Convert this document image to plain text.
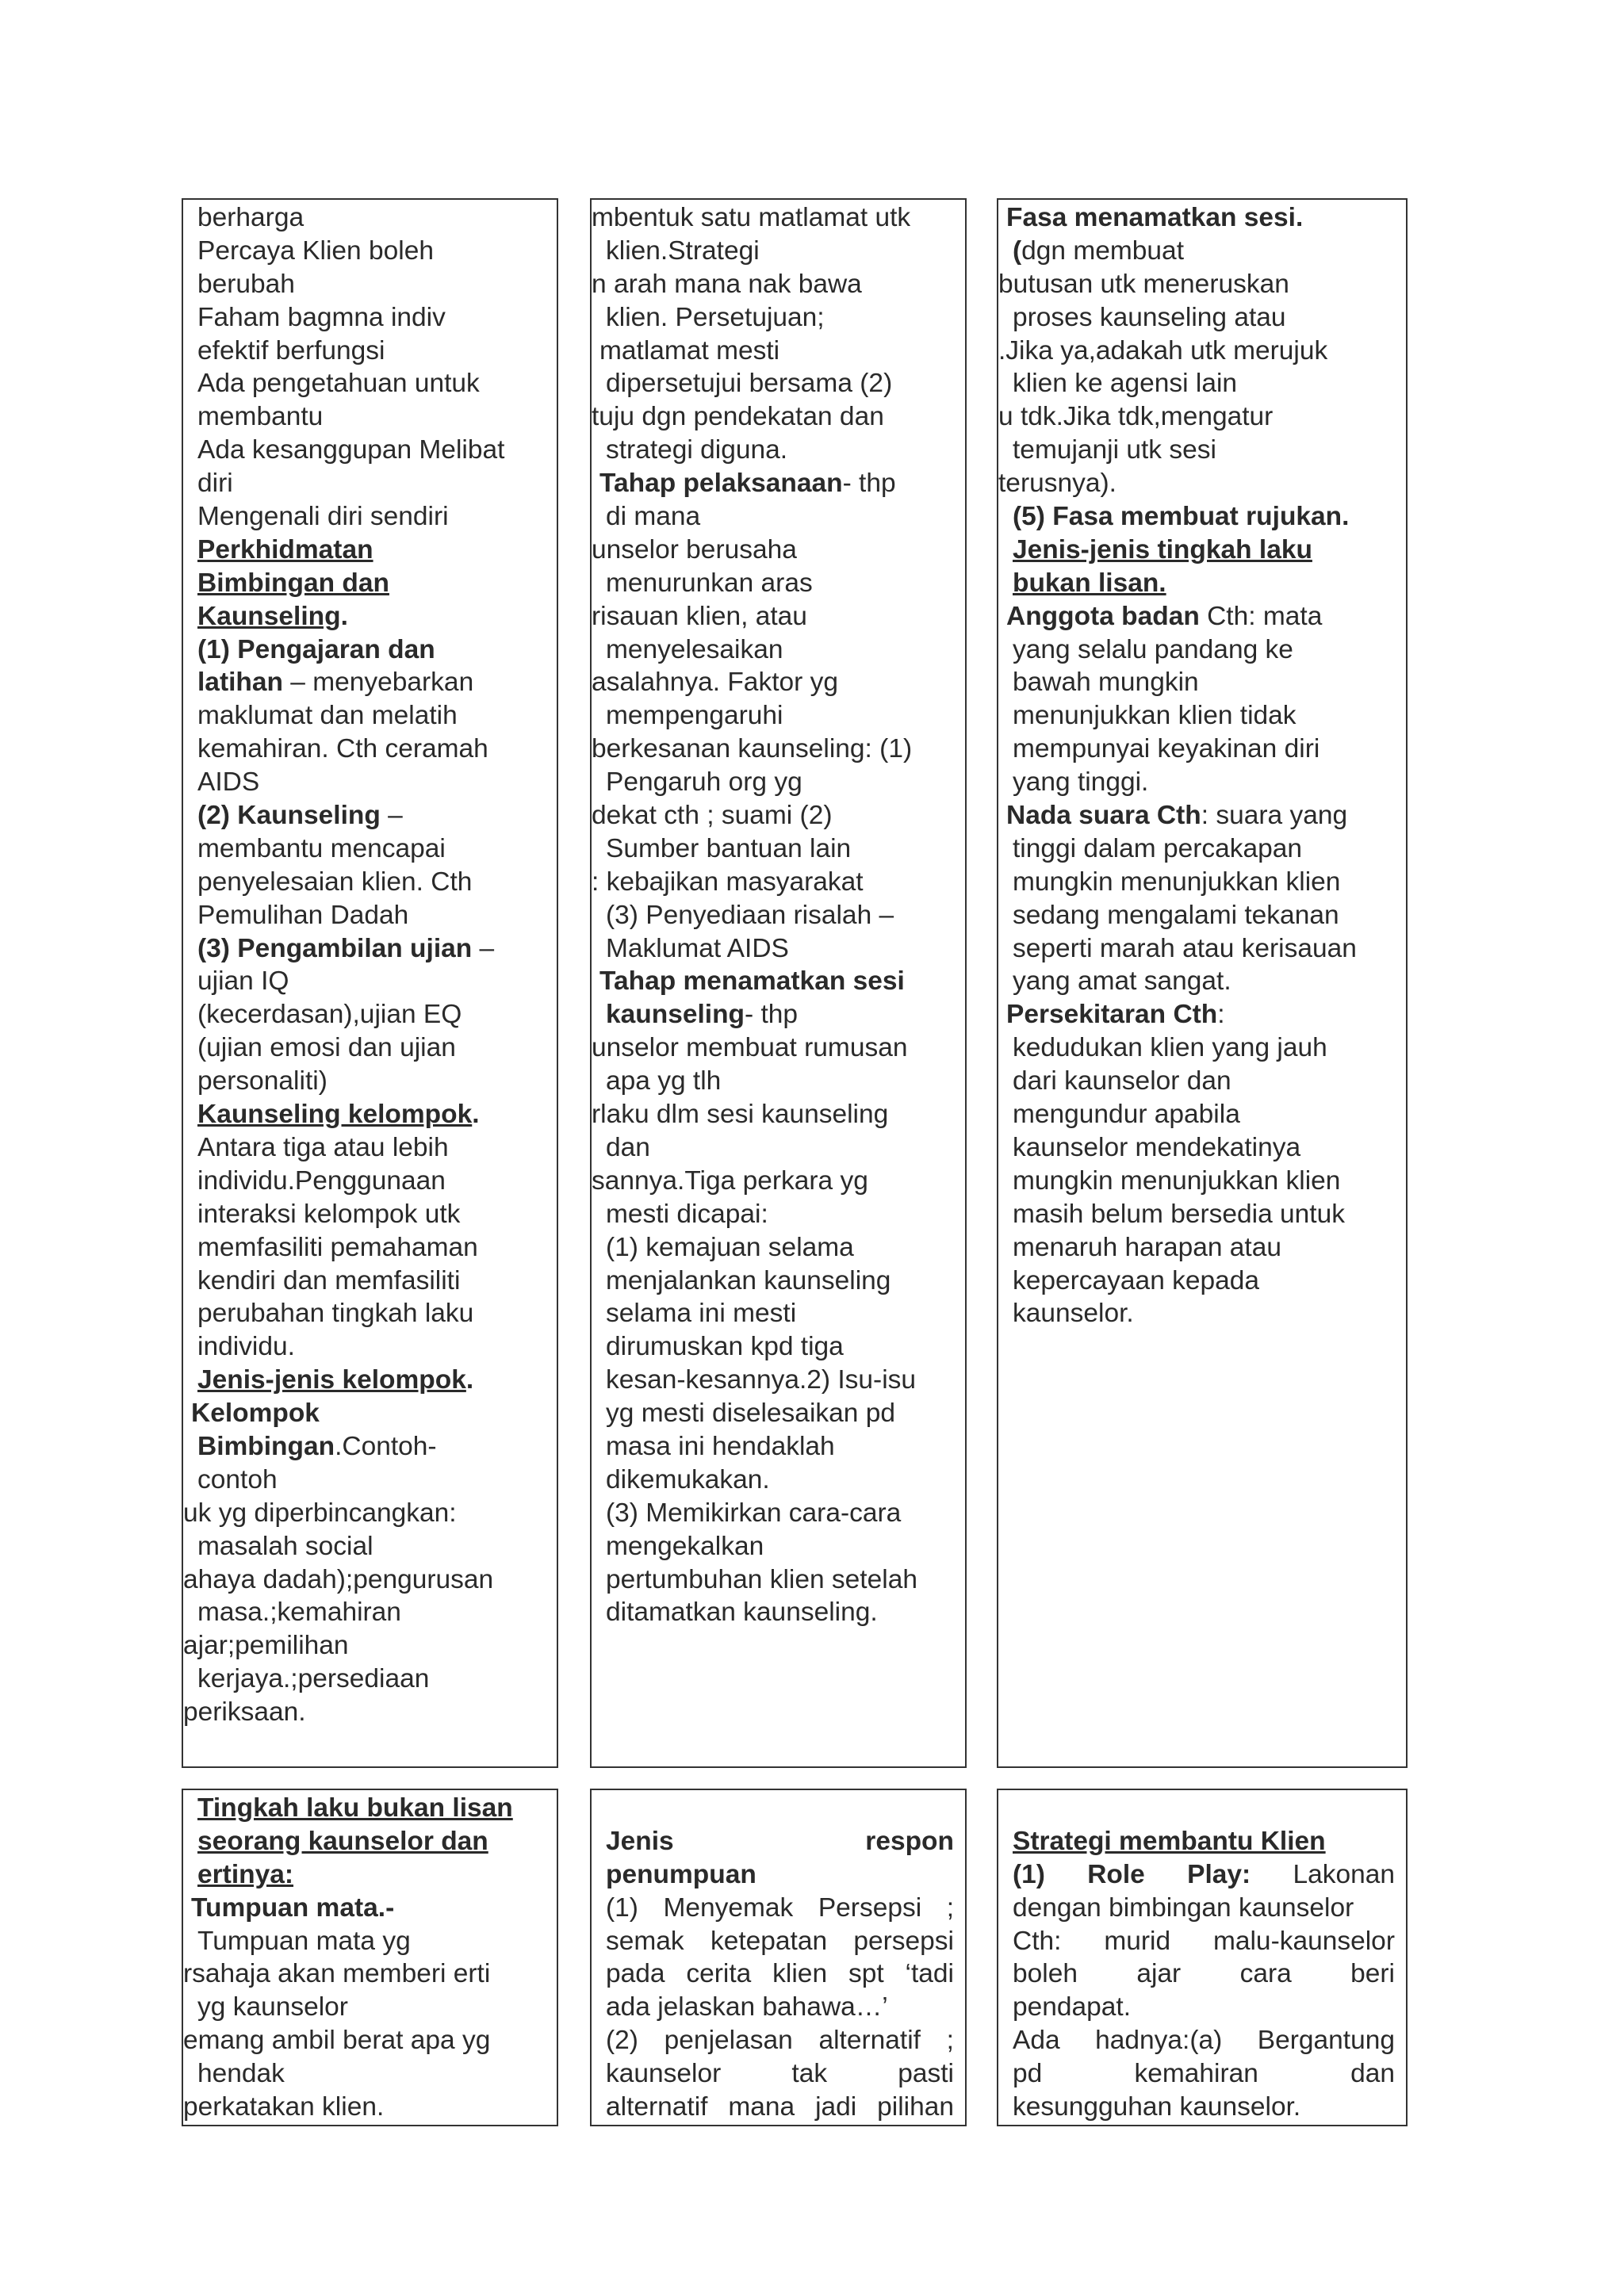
berharga
Percaya Klien boleh
berubah
Faham bagmna indiv
efektif berfungsi
Ada pengetahuan untuk
membantu
Ada kesanggupan Melibat
diri
Mengenali diri sendiri
Perkhidmatan
Bimbingan dan
Kaunseling.
(1) Pengajaran dan
latihan – menyebarkan
maklumat dan melatih
kemahiran. Cth ceramah
AIDS
(2) Kaunseling –
membantu mencapai
penyelesaian klien. Cth
Pemulihan Dadah
(3) Pengambilan ujian –
ujian IQ
(kecerdasan),ujian EQ
(ujian emosi dan ujian
personaliti)
Kaunseling kelompok.
Antara tiga atau lebih
individu.Penggunaan
interaksi kelompok utk
memfasiliti pemahaman
kendiri dan memfasiliti
perubahan tingkah laku
individu.
Jenis-jenis kelompok.
Kelompok
Bimbingan.Contoh-
contoh
uk yg diperbincangkan:
masalah social
ahaya dadah);pengurusan
masa.;kemahiran
ajar;pemilihan
kerjaya.;persediaan
periksaan.
mbentuk satu matlamat utk
klien.Strategi
n arah mana nak bawa
klien. Persetujuan;
matlamat mesti
dipersetujui bersama (2)
tuju dgn pendekatan dan
strategi diguna.
Tahap pelaksanaan- thp
di mana
unselor berusaha
menurunkan aras
risauan klien, atau
menyelesaikan
asalahnya. Faktor yg
mempengaruhi
berkesanan kaunseling: (1)
Pengaruh org yg
dekat cth ; suami (2)
Sumber bantuan lain
: kebajikan masyarakat
(3) Penyediaan risalah –
Maklumat AIDS
Tahap menamatkan sesi
kaunseling- thp
unselor membuat rumusan
apa yg tlh
rlaku dlm sesi kaunseling
dan
sannya.Tiga perkara yg
mesti dicapai:
(1) kemajuan selama
menjalankan kaunseling
selama ini mesti
dirumuskan kpd tiga
kesan-kesannya.2) Isu-isu
yg mesti diselesaikan pd
masa ini hendaklah
dikemukakan.
(3) Memikirkan cara-cara
mengekalkan
pertumbuhan klien setelah
ditamatkan kaunseling.
Fasa menamatkan sesi.
(dgn membuat
butusan utk meneruskan
proses kaunseling atau
.Jika ya,adakah utk merujuk
klien ke agensi lain
u tdk.Jika tdk,mengatur
temujanji utk sesi
terusnya).
(5) Fasa membuat rujukan.
Jenis-jenis tingkah laku
bukan lisan.
Anggota badan Cth: mata
yang selalu pandang ke
bawah mungkin
menunjukkan klien tidak
mempunyai keyakinan diri
yang tinggi.
Nada suara Cth: suara yang
tinggi dalam percakapan
mungkin menunjukkan klien
sedang mengalami tekanan
seperti marah atau kerisauan
yang amat sangat.
Persekitaran Cth:
kedudukan klien yang jauh
dari kaunselor dan
mengundur apabila
kaunselor mendekatinya
mungkin menunjukkan klien
masih belum bersedia untuk
menaruh harapan atau
kepercayaan kepada
kaunselor.
Tingkah laku bukan lisan
seorang kaunselor dan
ertinya:
Tumpuan mata.-
Tumpuan mata yg
rsahaja akan memberi erti
yg kaunselor
emang ambil berat apa yg
hendak
perkatakan klien.

Jenis	respon
penumpuan
(1) Menyemak Persepsi ;
semak ketepatan persepsi
pada cerita klien spt ‘tadi
ada jelaskan bahawa…’
(2) penjelasan alternatif ;
kaunselor	tak	pasti
alternatif mana jadi pilihan

Strategi membantu Klien
(1) Role Play: Lakonan
dengan bimbingan kaunselor
Cth: murid malu-kaunselor
boleh ajar cara beri
pendapat.
Ada hadnya:(a) Bergantung
pd	kemahiran	dan
kesungguhan kaunselor.
